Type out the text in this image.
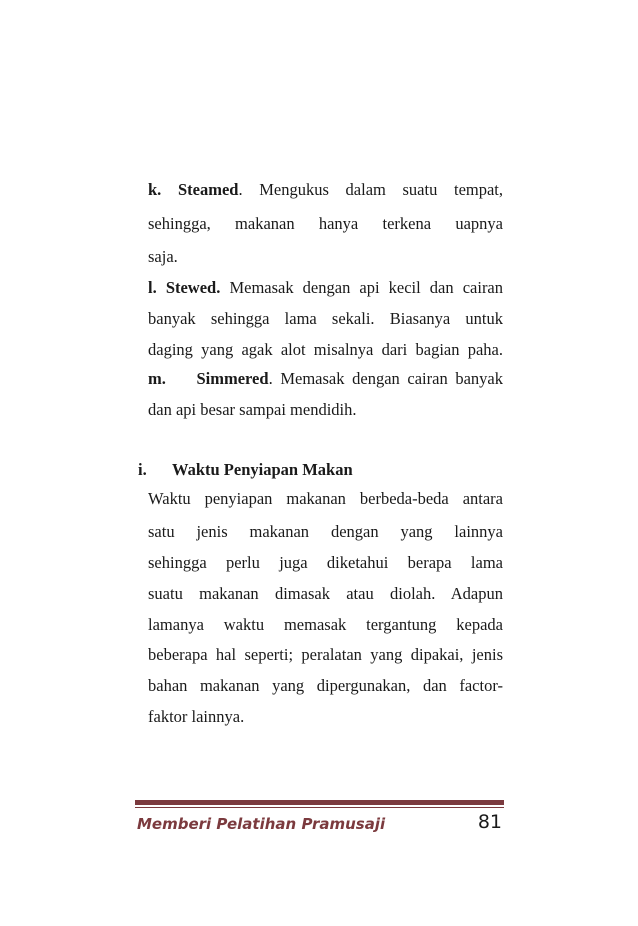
k. Steamed. Mengukus dalam suatu tempat,
sehingga, makanan hanya terkena uapnya
saja.
l. Stewed. Memasak dengan api kecil dan cairan
banyak sehingga lama sekali. Biasanya untuk
daging yang agak alot misalnya dari bagian paha.
m. Simmered. Memasak dengan cairan banyak
dan api besar sampai mendidih.
i. Waktu Penyiapan Makan
Waktu penyiapan makanan berbeda-beda antara
satu jenis makanan dengan yang lainnya
sehingga perlu juga diketahui berapa lama
suatu makanan dimasak atau diolah. Adapun
lamanya waktu memasak tergantung kepada
beberapa hal seperti; peralatan yang dipakai, jenis
bahan makanan yang dipergunakan, dan factor-
faktor lainnya.
Memberi Pelatihan Pramusaji	81
